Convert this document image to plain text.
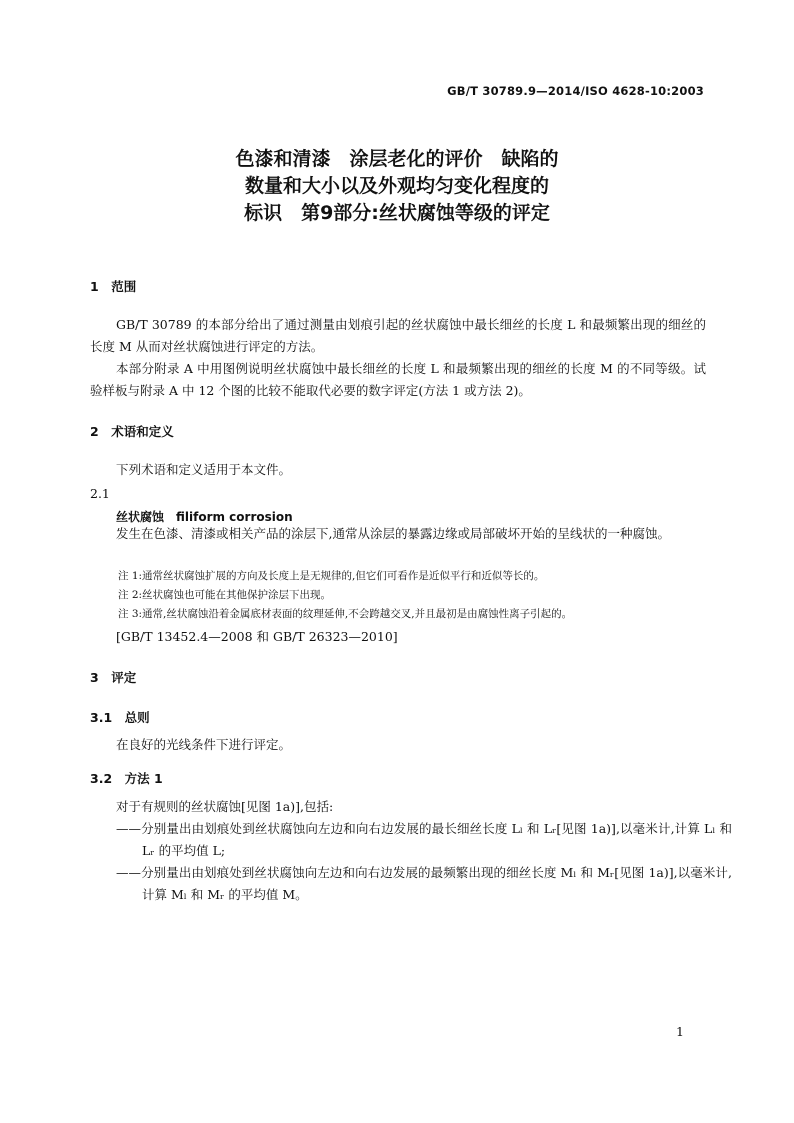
GB/T 30789.9—2014/ISO 4628-10:2003
色漆和清漆　涂层老化的评价　缺陷的
数量和大小以及外观均匀变化程度的
标识　第9部分:丝状腐蚀等级的评定
1　范围
GB/T 30789 的本部分给出了通过测量由划痕引起的丝状腐蚀中最长细丝的长度 L 和最频繁出现的细丝的长度 M 从而对丝状腐蚀进行评定的方法。
本部分附录 A 中用图例说明丝状腐蚀中最长细丝的长度 L 和最频繁出现的细丝的长度 M 的不同等级。试验样板与附录 A 中 12 个图的比较不能取代必要的数字评定(方法 1 或方法 2)。
2　术语和定义
下列术语和定义适用于本文件。
2.1
丝状腐蚀　filiform corrosion
发生在色漆、清漆或相关产品的涂层下,通常从涂层的暴露边缘或局部破坏开始的呈线状的一种腐蚀。
注 1:通常丝状腐蚀扩展的方向及长度上是无规律的,但它们可看作是近似平行和近似等长的。
注 2:丝状腐蚀也可能在其他保护涂层下出现。
注 3:通常,丝状腐蚀沿着金属底材表面的纹理延伸,不会跨越交叉,并且最初是由腐蚀性离子引起的。
[GB/T 13452.4—2008 和 GB/T 26323—2010]
3　评定
3.1　总则
在良好的光线条件下进行评定。
3.2　方法 1
对于有规则的丝状腐蚀[见图 1a)],包括:
——分别量出由划痕处到丝状腐蚀向左边和向右边发展的最长细丝长度 Lₗ 和 Lᵣ[见图 1a)],以毫米计,计算 Lₗ 和 Lᵣ 的平均值 L;
——分别量出由划痕处到丝状腐蚀向左边和向右边发展的最频繁出现的细丝长度 Mₗ 和 Mᵣ[见图 1a)],以毫米计,计算 Mₗ 和 Mᵣ 的平均值 M。
1
